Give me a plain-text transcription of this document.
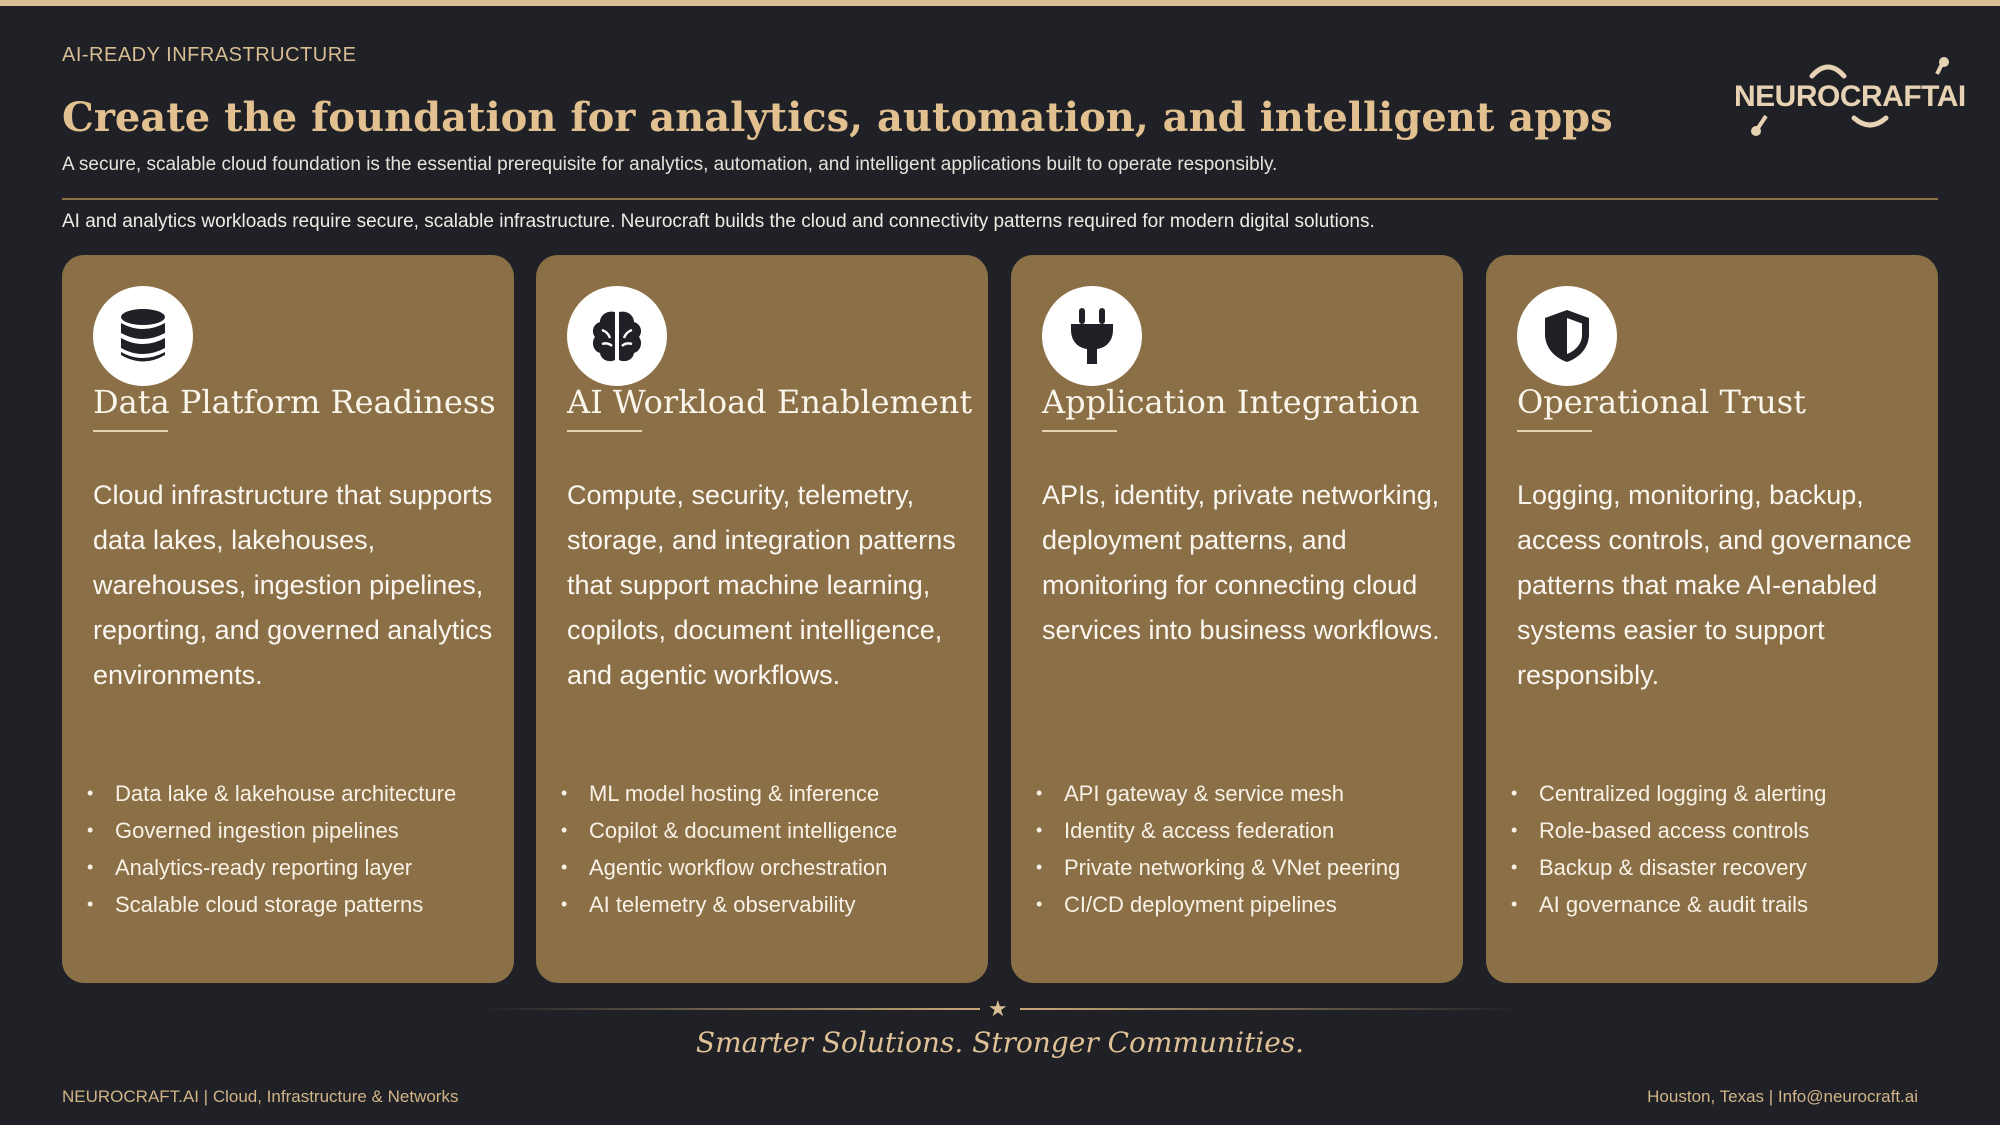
AI-READY INFRASTRUCTURE
Create the foundation for analytics, automation, and intelligent apps
A secure, scalable cloud foundation is the essential prerequisite for analytics, automation, and intelligent applications built to operate responsibly.
NEUROCRAFTAI
AI and analytics workloads require secure, scalable infrastructure. Neurocraft builds the cloud and connectivity patterns required for modern digital solutions.
Data Platform Readiness
Cloud infrastructure that supports data lakes, lakehouses, warehouses, ingestion pipelines, reporting, and governed analytics environments.
• Data lake & lakehouse architecture
• Governed ingestion pipelines
• Analytics-ready reporting layer
• Scalable cloud storage patterns
AI Workload Enablement
Compute, security, telemetry, storage, and integration patterns that support machine learning, copilots, document intelligence, and agentic workflows.
• ML model hosting & inference
• Copilot & document intelligence
• Agentic workflow orchestration
• AI telemetry & observability
Application Integration
APIs, identity, private networking, deployment patterns, and monitoring for connecting cloud services into business workflows.
• API gateway & service mesh
• Identity & access federation
• Private networking & VNet peering
• CI/CD deployment pipelines
Operational Trust
Logging, monitoring, backup, access controls, and governance patterns that make AI-enabled systems easier to support responsibly.
• Centralized logging & alerting
• Role-based access controls
• Backup & disaster recovery
• AI governance & audit trails
★
Smarter Solutions. Stronger Communities.
NEUROCRAFT.AI | Cloud, Infrastructure & Networks	Houston, Texas | Info@neurocraft.ai
